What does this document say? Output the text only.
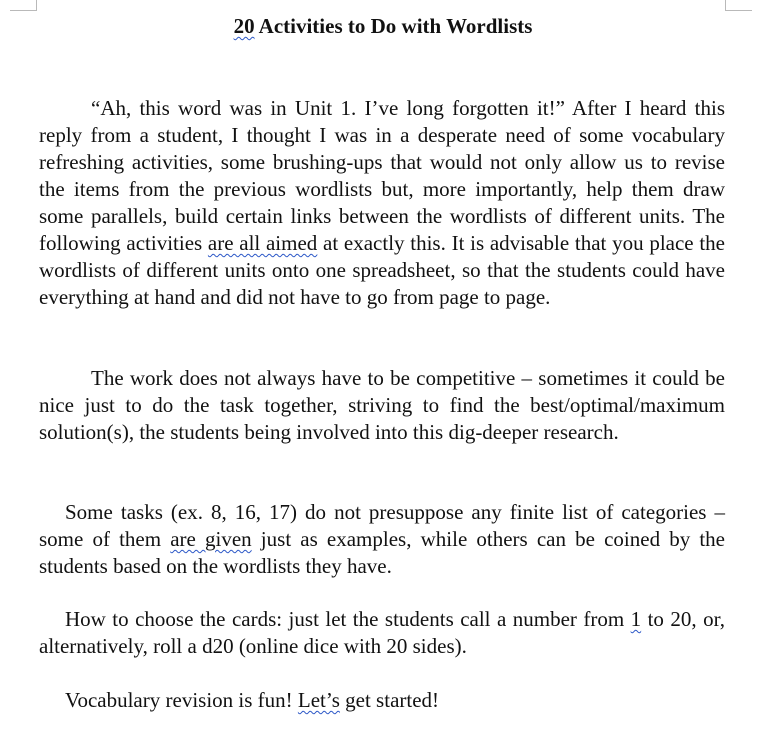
20 Activities to Do with Wordlists

“Ah, this word was in Unit 1. I’ve long forgotten it!” After I heard this reply from a student, I thought I was in a desperate need of some vocabulary refreshing activities, some brushing-ups that would not only allow us to revise the items from the previous wordlists but, more importantly, help them draw some parallels, build certain links between the wordlists of different units. The following activities are all aimed at exactly this. It is advisable that you place the wordlists of different units onto one spreadsheet, so that the students could have everything at hand and did not have to go from page to page.

The work does not always have to be competitive – sometimes it could be nice just to do the task together, striving to find the best/optimal/maximum solution(s), the students being involved into this dig-deeper research.

Some tasks (ex. 8, 16, 17) do not presuppose any finite list of categories – some of them are given just as examples, while others can be coined by the students based on the wordlists they have.

How to choose the cards: just let the students call a number from 1 to 20, or, alternatively, roll a d20 (online dice with 20 sides).

Vocabulary revision is fun! Let’s get started!
